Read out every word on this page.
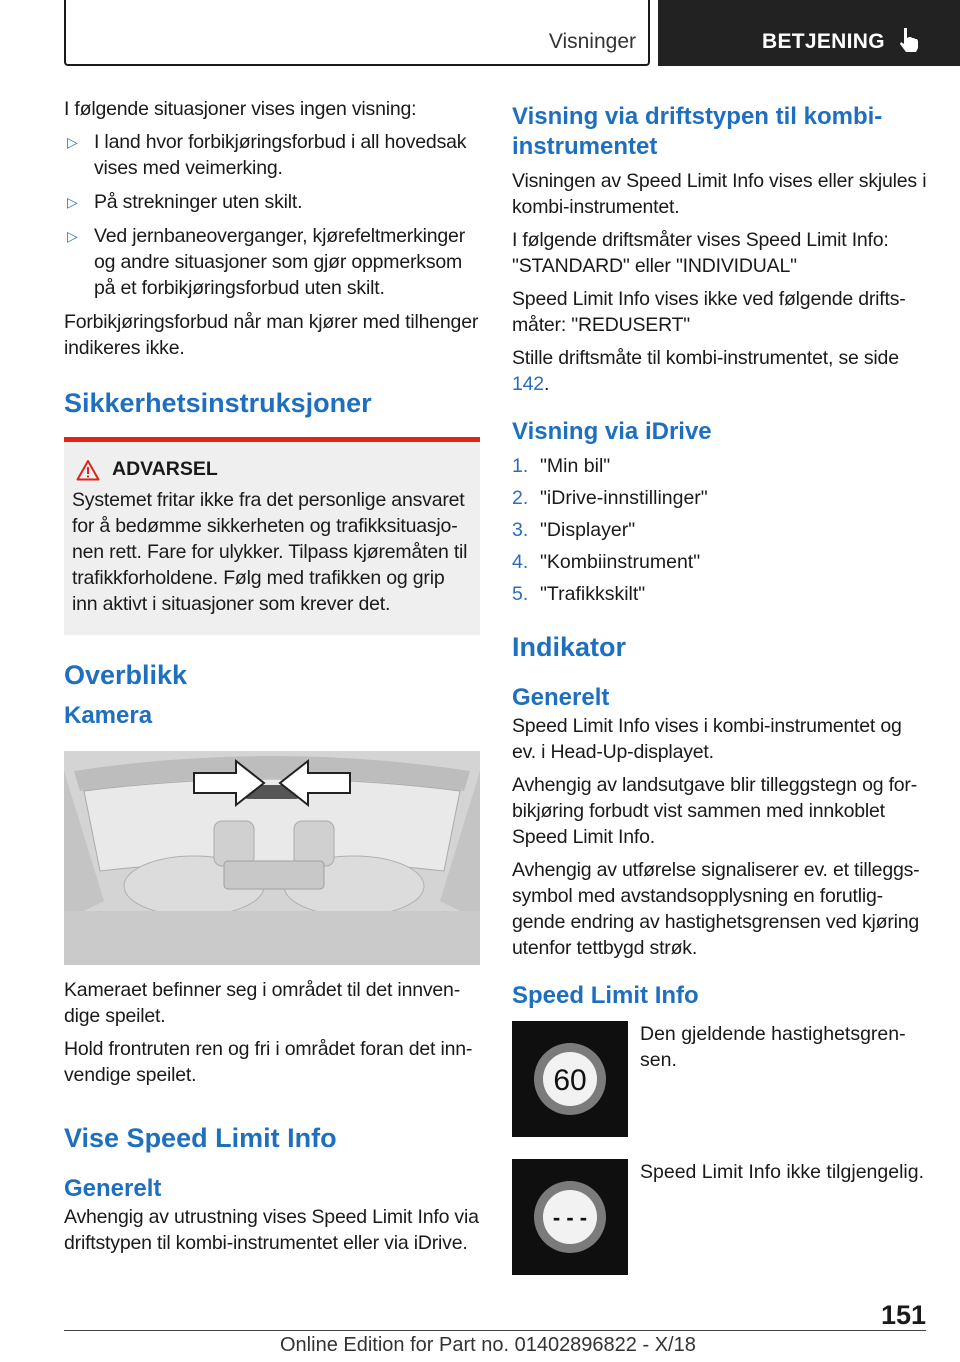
Visninger	BETJENING

I følgende situasjoner vises ingen visning:

▷ I land hvor forbikjøringsforbud i all hovedsak vises med veimerking.
▷ På strekninger uten skilt.
▷ Ved jernbaneoverganger, kjørefeltmerkinger og andre situasjoner som gjør oppmerksom på et forbikjøringsforbud uten skilt.

Forbikjøringsforbud når man kjører med tilhenger indikeres ikke.

Sikkerhetsinstruksjoner
ADVARSEL

Systemet fritar ikke fra det personlige ansvaret for å bedømme sikkerheten og trafikksituasjo-nen rett. Fare for ulykker. Tilpass kjøremåten til trafikkforholdene. Følg med trafikken og grip inn aktivt i situasjoner som krever det.

Overblikk
Kamera

Kameraet befinner seg i området til det innven-dige speilet.

Hold frontruten ren og fri i området foran det inn-vendige speilet.

Vise Speed Limit Info
Generelt

Avhengig av utrustning vises Speed Limit Info via driftstypen til kombi-instrumentet eller via iDrive.

Visning via driftstypen til kombi-instrumentet

Visningen av Speed Limit Info vises eller skjules i kombi-instrumentet.

I følgende driftsmåter vises Speed Limit Info: "STANDARD" eller "INDIVIDUAL"

Speed Limit Info vises ikke ved følgende drifts-måter: "REDUSERT"

Stille driftsmåte til kombi-instrumentet, se side 142.

Visning via iDrive
1. "Min bil"
2. "iDrive-innstillinger"
3. "Displayer"
4. "Kombiinstrument"
5. "Trafikkskilt"
Indikator
Generelt

Speed Limit Info vises i kombi-instrumentet og ev. i Head-Up-displayet.

Avhengig av landsutgave blir tilleggstegn og for-bikjøring forbudt vist sammen med innkoblet Speed Limit Info.

Avhengig av utførelse signaliserer ev. et tilleggs-symbol med avstandsopplysning en forutlig-gende endring av hastighetsgrensen ved kjøring utenfor tettbygd strøk.

Speed Limit Info
60
Den gjeldende hastighetsgren-sen.
- - -
Speed Limit Info ikke tilgjengelig.
151
Online Edition for Part no. 01402896822 - X/18
